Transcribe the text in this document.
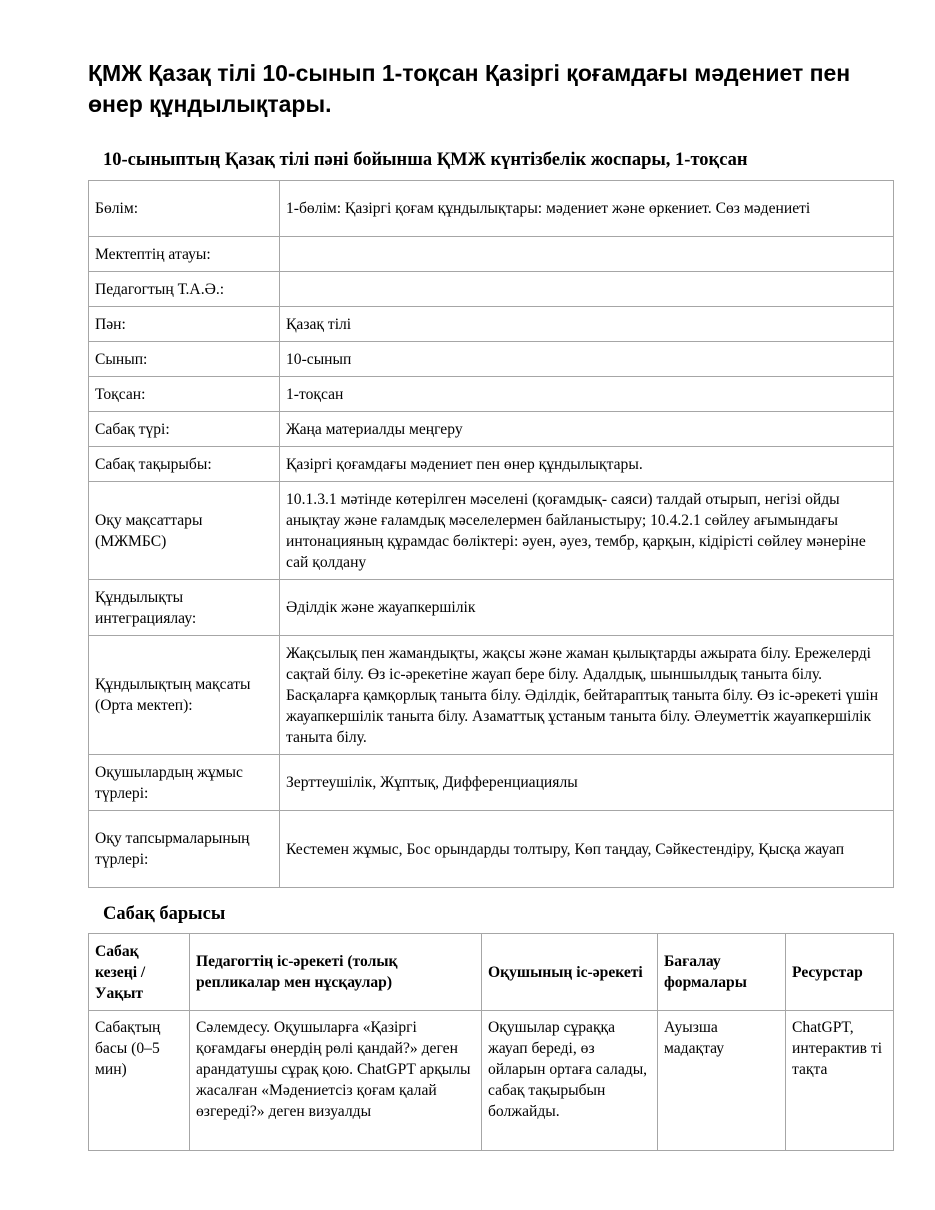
ҚМЖ Қазақ тілі 10-сынып 1-тоқсан Қазіргі қоғамдағы мәдениет пен өнер құндылықтары.
10-сыныптың Қазақ тілі пәні бойынша ҚМЖ күнтізбелік жоспары, 1-тоқсан
Бөлім:	1-бөлім: Қазіргі қоғам құндылықтары: мәдениет және өркениет. Сөз мәдениеті
Мектептің атауы:	
Педагогтың Т.А.Ә.:	
Пән:	Қазақ тілі
Сынып:	10-сынып
Тоқсан:	1-тоқсан
Сабақ түрі:	Жаңа материалды меңгеру
Сабақ тақырыбы:	Қазіргі қоғамдағы мәдениет пен өнер құндылықтары.
Оқу мақсаттары (МЖМБС)	10.1.3.1 мәтінде көтерілген мәселені (қоғамдық- саяси) талдай отырып, негізі ойды анықтау және ғаламдық мәселелермен байланыстыру; 10.4.2.1 сөйлеу ағымындағы интонацияның құрамдас бөліктері: әуен, әуез, тембр, қарқын, кідірісті сөйлеу мәнеріне сай қолдану
Құндылықты интеграциялау:	Әділдік және жауапкершілік
Құндылықтың мақсаты (Орта мектеп):	Жақсылық пен жамандықты, жақсы және жаман қылықтарды ажырата білу. Ережелерді сақтай білу. Өз іс-әрекетіне жауап бере білу. Адалдық, шыншылдық таныта білу. Басқаларға қамқорлық таныта білу. Әділдік, бейтараптық таныта білу. Өз іс-әрекеті үшін жауапкершілік таныта білу. Азаматтық ұстаным таныта білу. Әлеуметтік жауапкершілік таныта білу.
Оқушылардың жұмыс түрлері:	Зерттеушілік, Жұптық, Дифференциациялы
Оқу тапсырмаларының түрлері:	Кестемен жұмыс, Бос орындарды толтыру, Көп таңдау, Сәйкестендіру, Қысқа жауап
Сабақ барысы
Сабақ кезеңі / Уақыт	Педагогтің іс-әрекеті (толық репликалар мен нұсқаулар)	Оқушының іс-әрекеті	Бағалау формалары	Ресурстар
Сабақтың басы (0–5 мин)	Сәлемдесу. Оқушыларға «Қазіргі қоғамдағы өнердің рөлі қандай?» деген арандатушы сұрақ қою. ChatGPT арқылы жасалған «Мәдениетсіз қоғам қалай өзгереді?» деген визуалды	Оқушылар сұраққа жауап береді, өз ойларын ортаға салады, сабақ тақырыбын болжайды.	Ауызша мадақтау	ChatGPT, интерактив ті тақта
